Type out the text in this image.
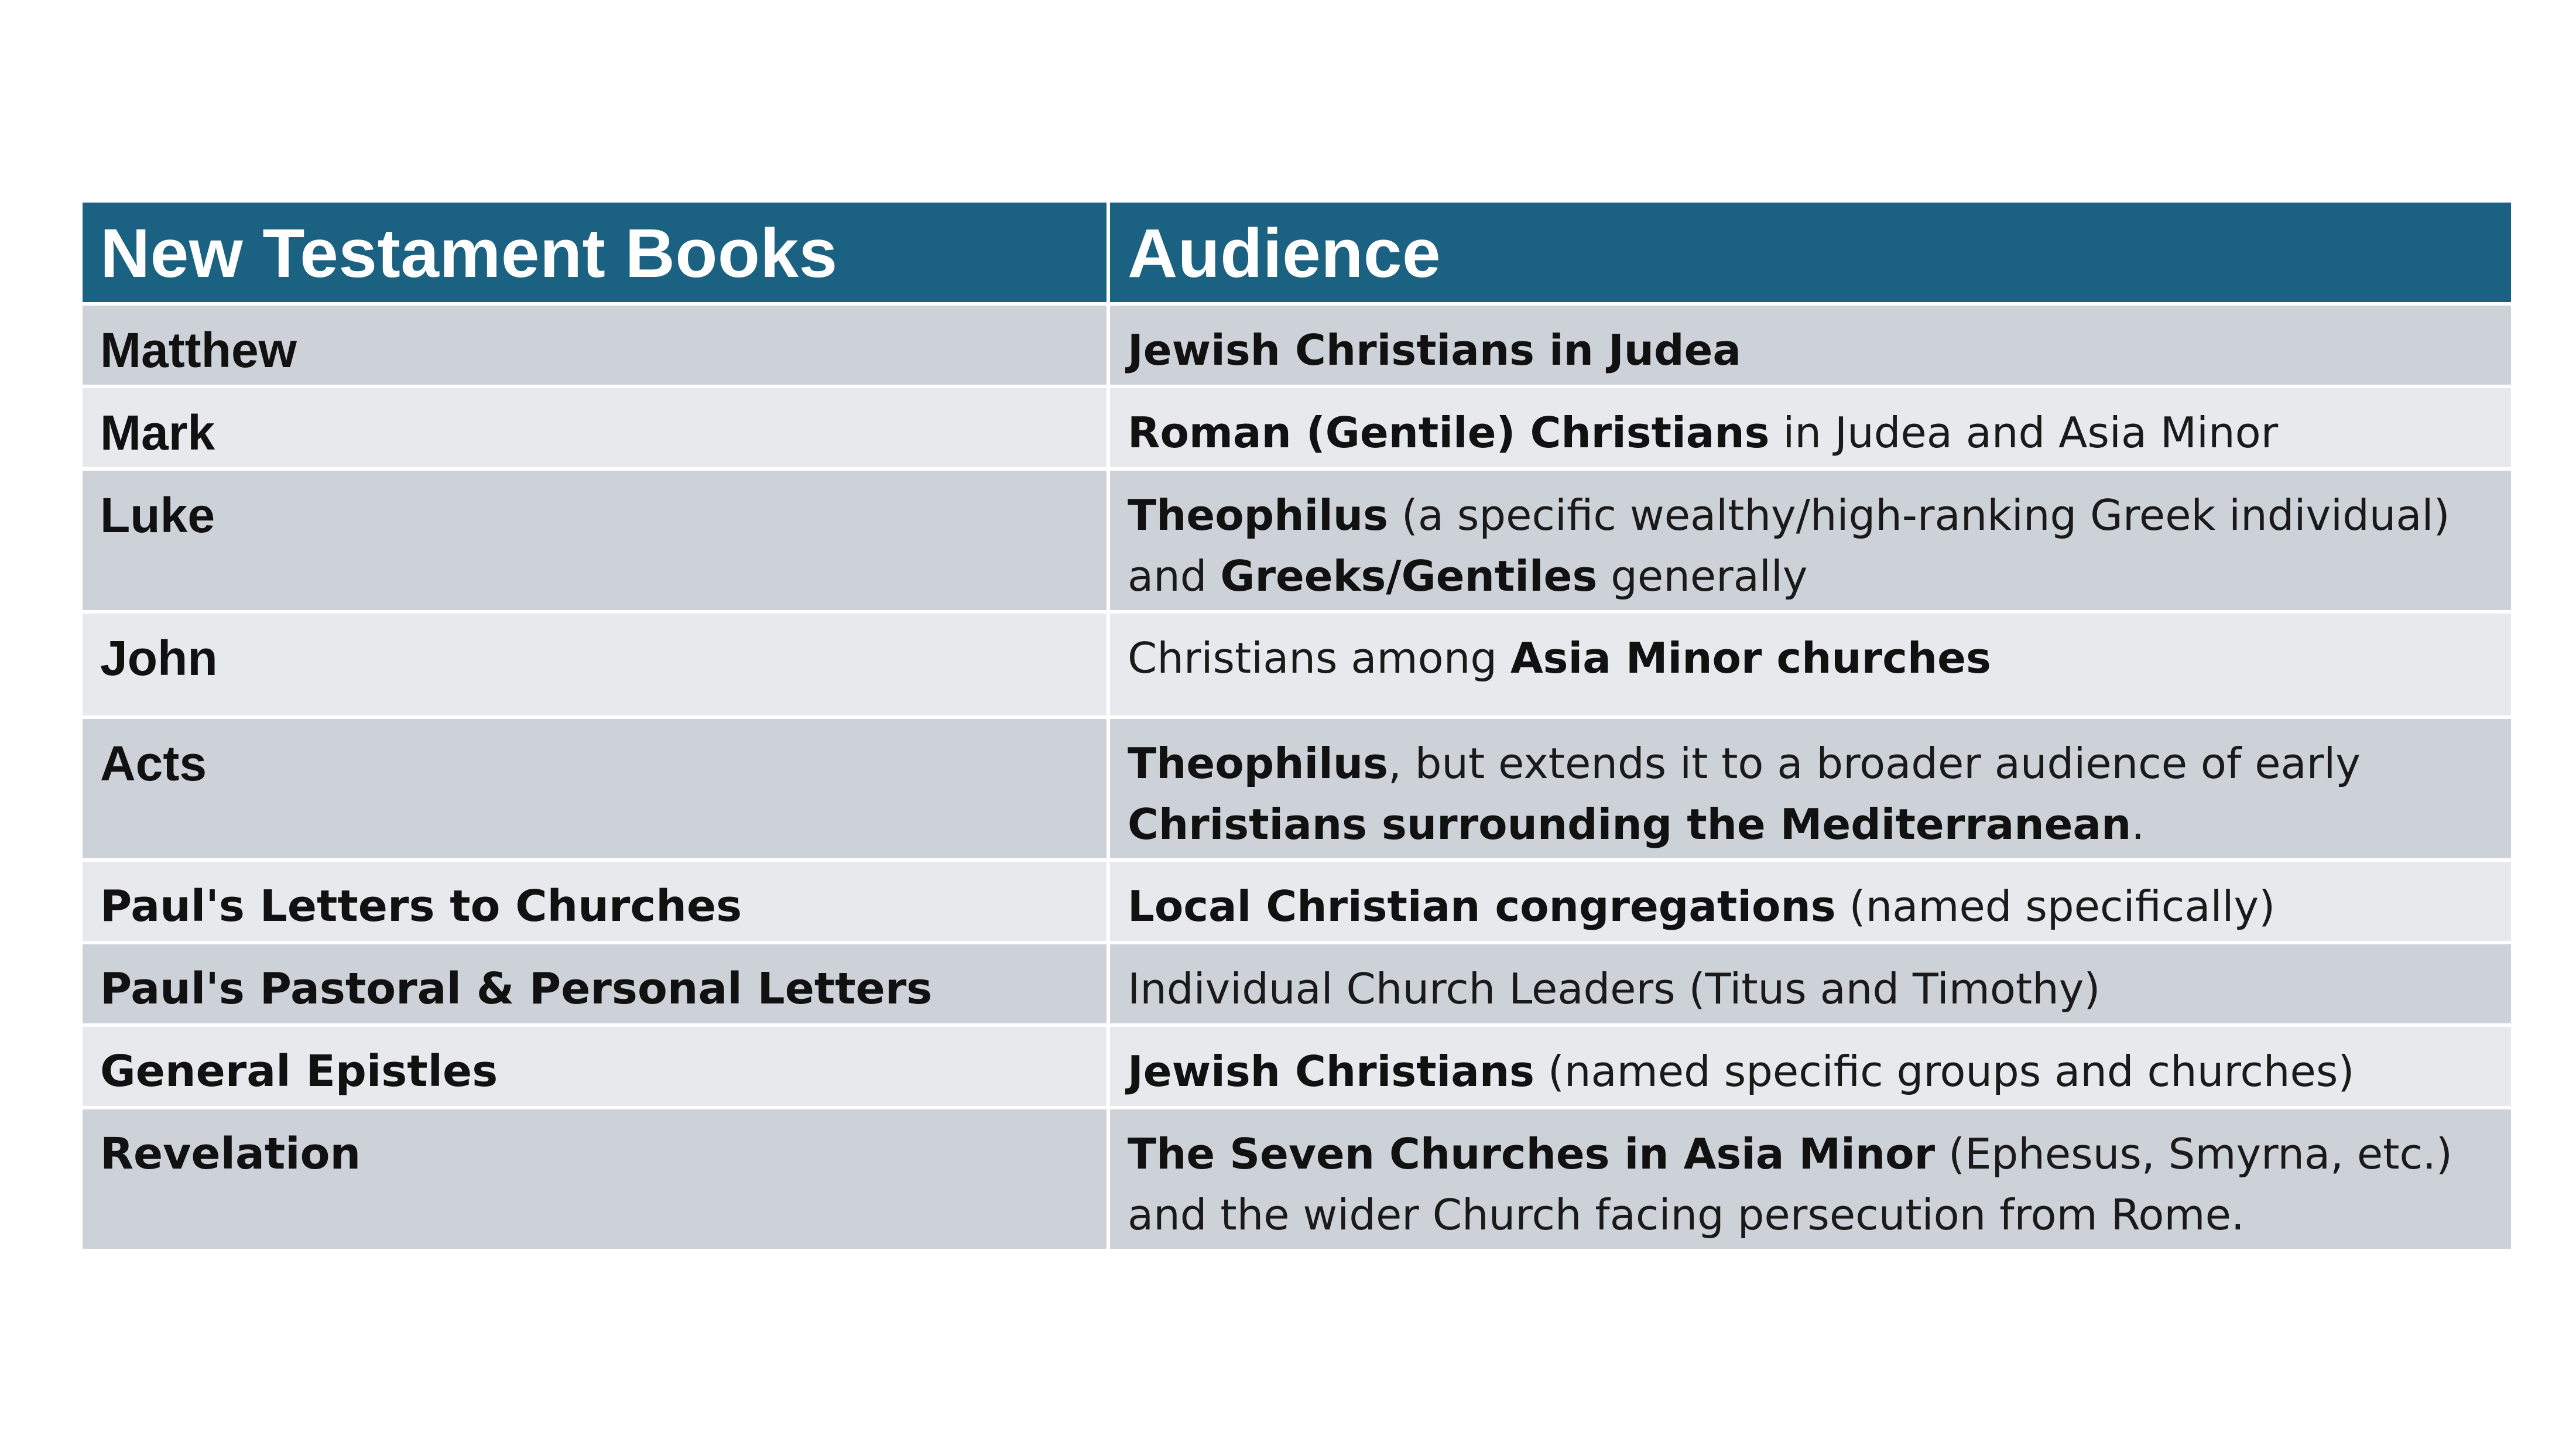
New Testament Books	Audience
Matthew	Jewish Christians in Judea
Mark	Roman (Gentile) Christians in Judea and Asia Minor
Luke	Theophilus (a specific wealthy/high-ranking Greek individual) and Greeks/Gentiles generally
John	Christians among Asia Minor churches
Acts	Theophilus, but extends it to a broader audience of early Christians surrounding the Mediterranean.
Paul's Letters to Churches	Local Christian congregations (named specifically)
Paul's Pastoral & Personal Letters	Individual Church Leaders (Titus and Timothy)
General Epistles	Jewish Christians (named specific groups and churches)
Revelation	The Seven Churches in Asia Minor (Ephesus, Smyrna, etc.) and the wider Church facing persecution from Rome.
